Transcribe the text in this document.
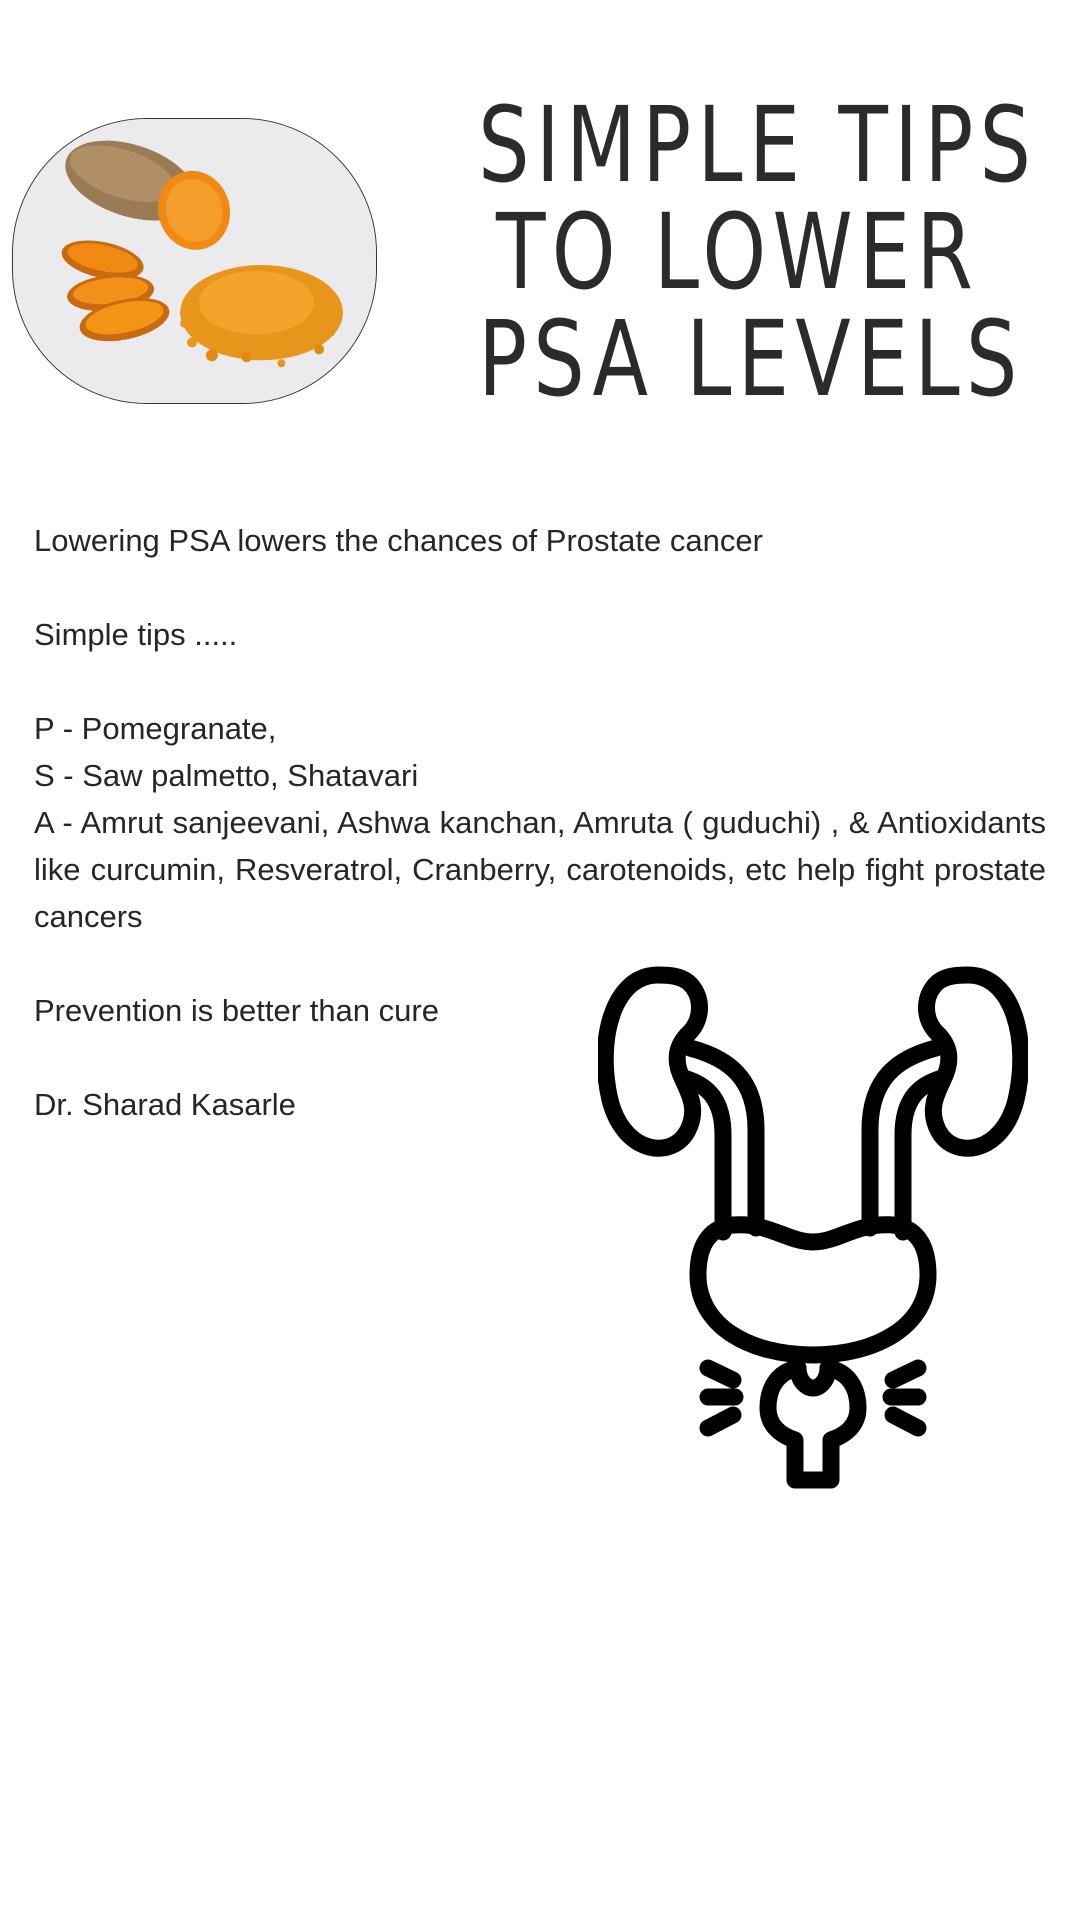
SIMPLE TIPS
TO LOWER
PSA LEVELS

Lowering PSA lowers the chances of Prostate cancer

Simple tips .....

P - Pomegranate,

S - Saw palmetto, Shatavari

A - Amrut sanjeevani, Ashwa kanchan, Amruta ( guduchi) , & Antioxidants like curcumin, Resveratrol, Cranberry, carotenoids, etc help fight prostate cancers

Prevention is better than cure

Dr. Sharad Kasarle
